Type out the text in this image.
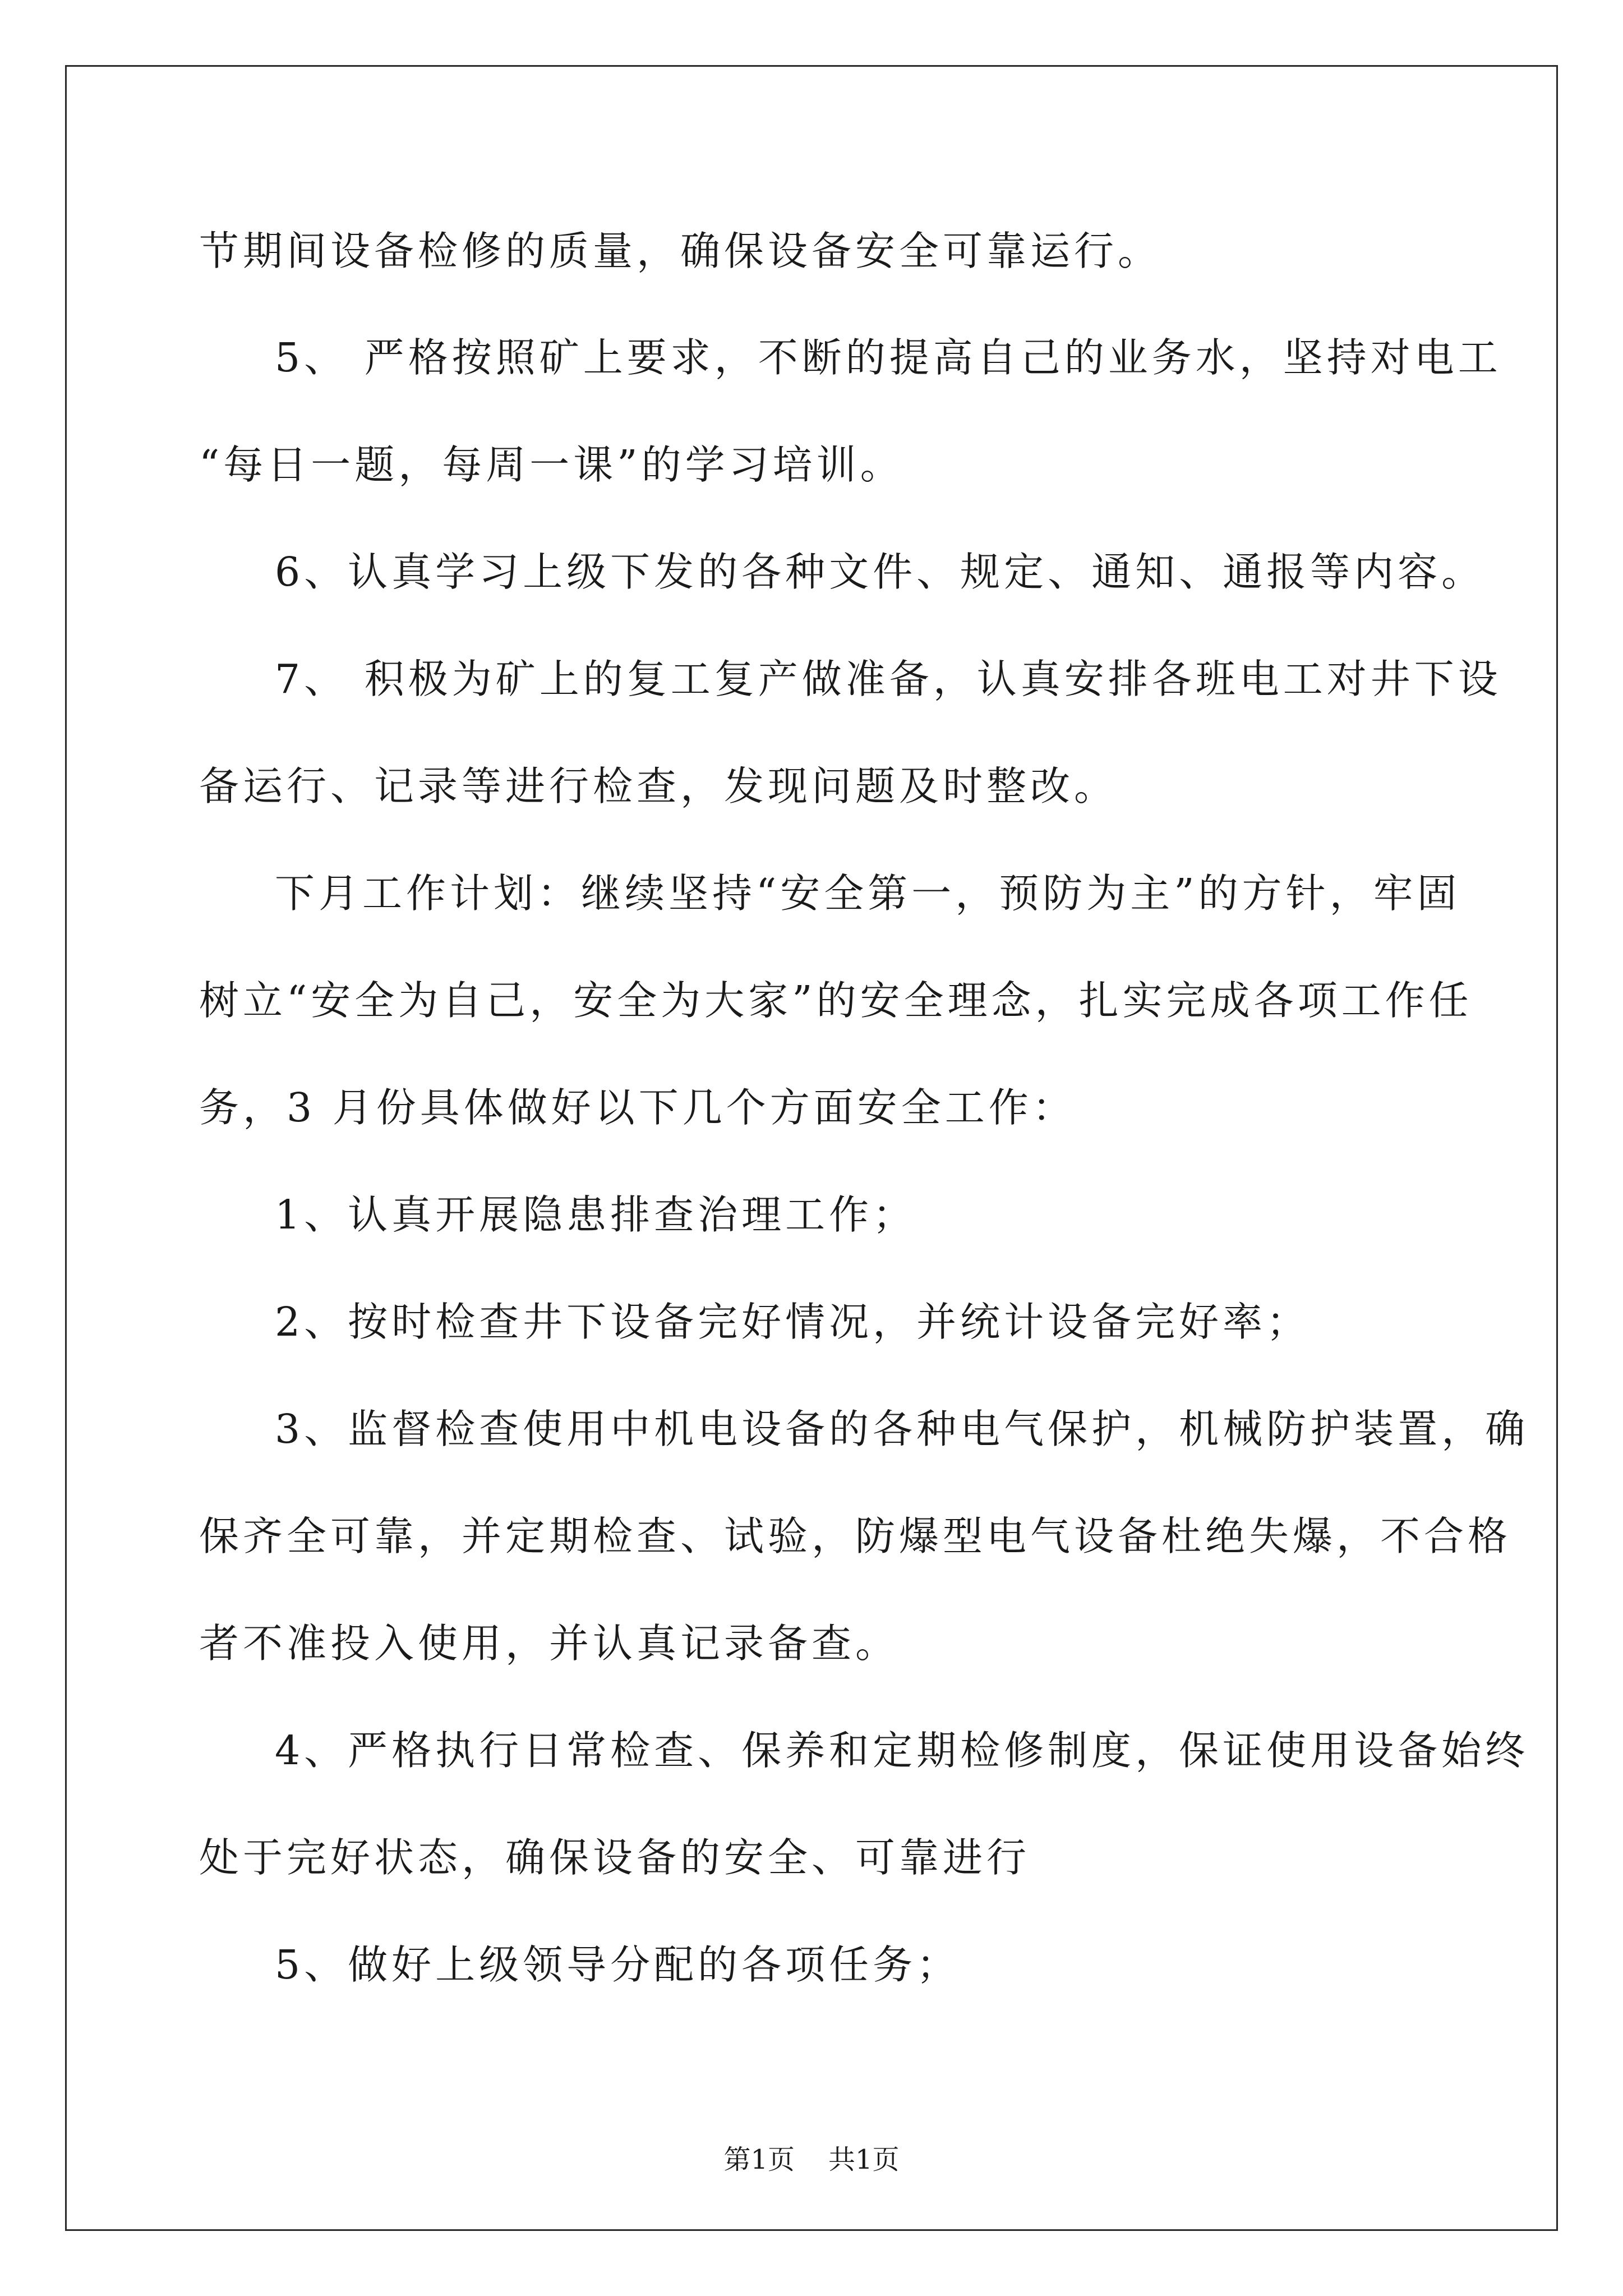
节期间设备检修的质量，确保设备安全可靠运行。
5、 严格按照矿上要求，不断的提高自己的业务水，坚持对电工
“每日一题，每周一课”的学习培训。
6、认真学习上级下发的各种文件、规定、通知、通报等内容。
7、 积极为矿上的复工复产做准备，认真安排各班电工对井下设
备运行、记录等进行检查，发现问题及时整改。
下月工作计划：继续坚持“安全第一，预防为主”的方针，牢固
树立“安全为自己，安全为大家”的安全理念，扎实完成各项工作任
务，3 月份具体做好以下几个方面安全工作：
1、认真开展隐患排查治理工作；
2、按时检查井下设备完好情况，并统计设备完好率；
3、监督检查使用中机电设备的各种电气保护，机械防护装置，确
保齐全可靠，并定期检查、试验，防爆型电气设备杜绝失爆，不合格
者不准投入使用，并认真记录备查。
4、严格执行日常检查、保养和定期检修制度，保证使用设备始终
处于完好状态，确保设备的安全、可靠进行
5、做好上级领导分配的各项任务；
第1页 共1页
